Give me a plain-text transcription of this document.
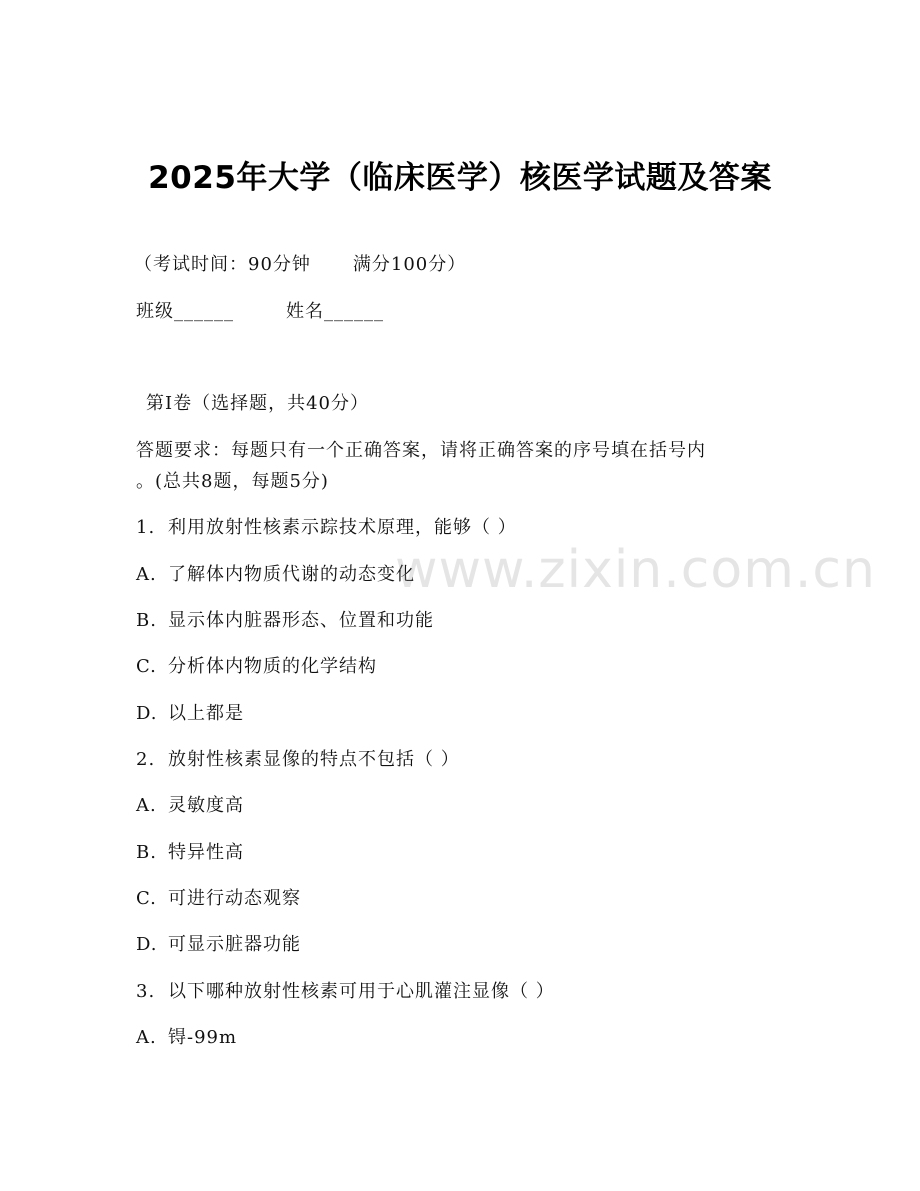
2025年大学（临床医学）核医学试题及答案
（考试时间：90分钟 满分100分）
班级______	姓名______
第I卷（选择题，共40分）
答题要求：每题只有一个正确答案，请将正确答案的序号填在括号内
。(总共8题，每题5分)
1. 利用放射性核素示踪技术原理，能够（ ）
A. 了解体内物质代谢的动态变化
B. 显示体内脏器形态、位置和功能
C. 分析体内物质的化学结构
D. 以上都是
2. 放射性核素显像的特点不包括（ ）
A. 灵敏度高
B. 特异性高
C. 可进行动态观察
D. 可显示脏器功能
3. 以下哪种放射性核素可用于心肌灌注显像（ ）
A. 锝-99m
www.zixin.com.cn
